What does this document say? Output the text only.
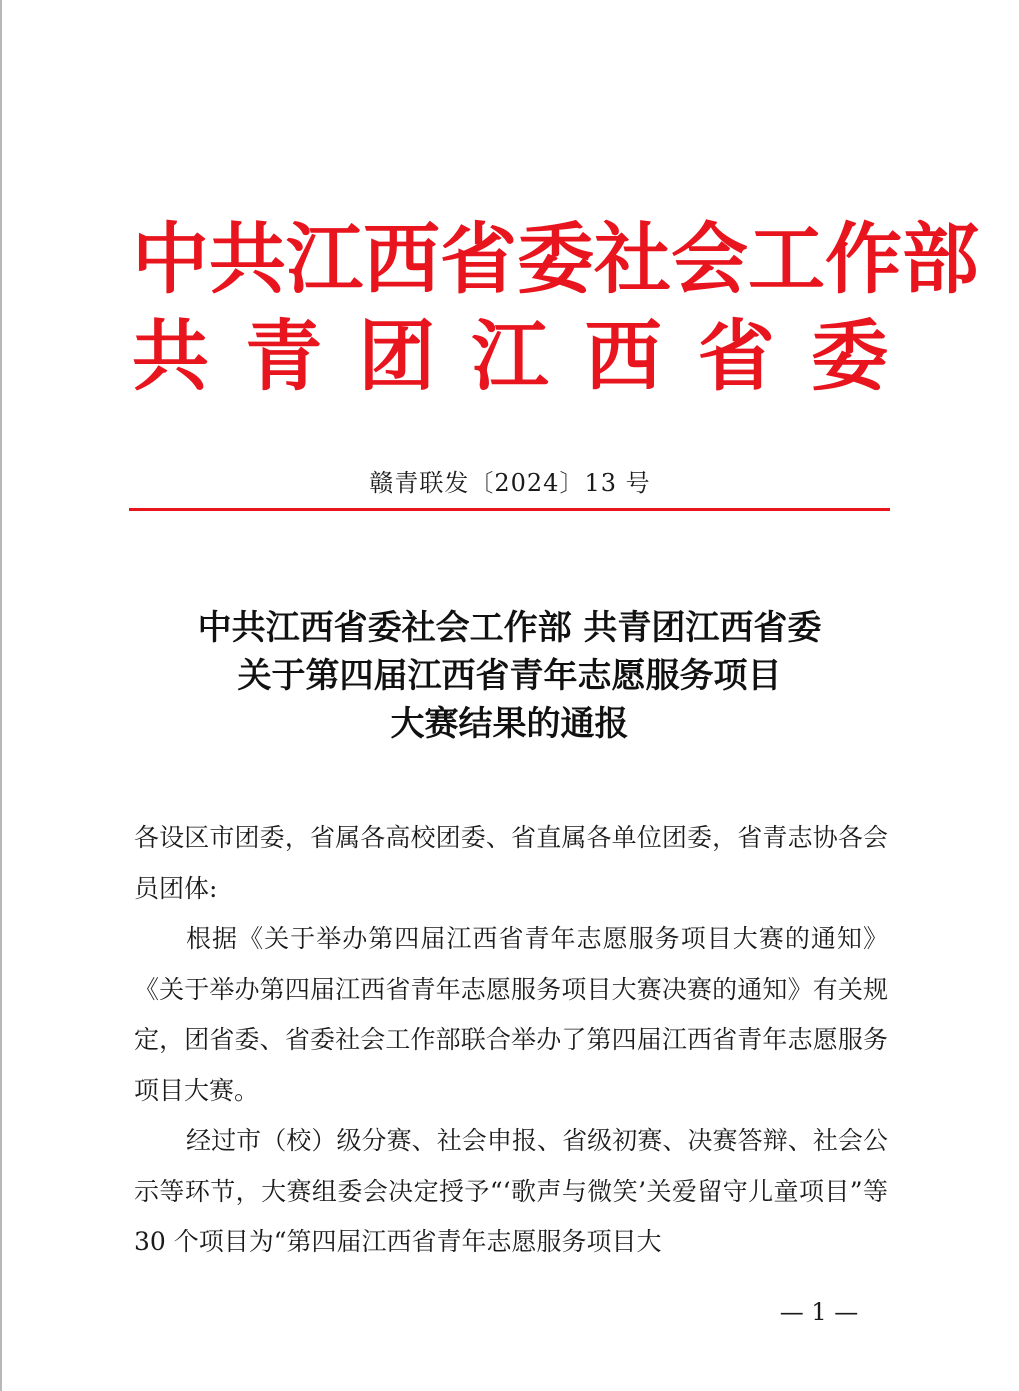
中 共 江 西 省 委 社 会 工 作 部
共 青 团 江 西 省 委
赣青联发〔2024〕13 号
中共江西省委社会工作部 共青团江西省委
关于第四届江西省青年志愿服务项目
大赛结果的通报

各设区市团委，省属各高校团委、省直属各单位团委，省青志协各会员团体:

根据《关于举办第四届江西省青年志愿服务项目大赛的通知》《关于举办第四届江西省青年志愿服务项目大赛决赛的通知》有关规定，团省委、省委社会工作部联合举办了第四届江西省青年志愿服务项目大赛。

经过市（校）级分赛、社会申报、省级初赛、决赛答辩、社会公示等环节，大赛组委会决定授予“‘歌声与微笑’关爱留守儿童项目”等 30 个项目为“第四届江西省青年志愿服务项目大

— 1 —
